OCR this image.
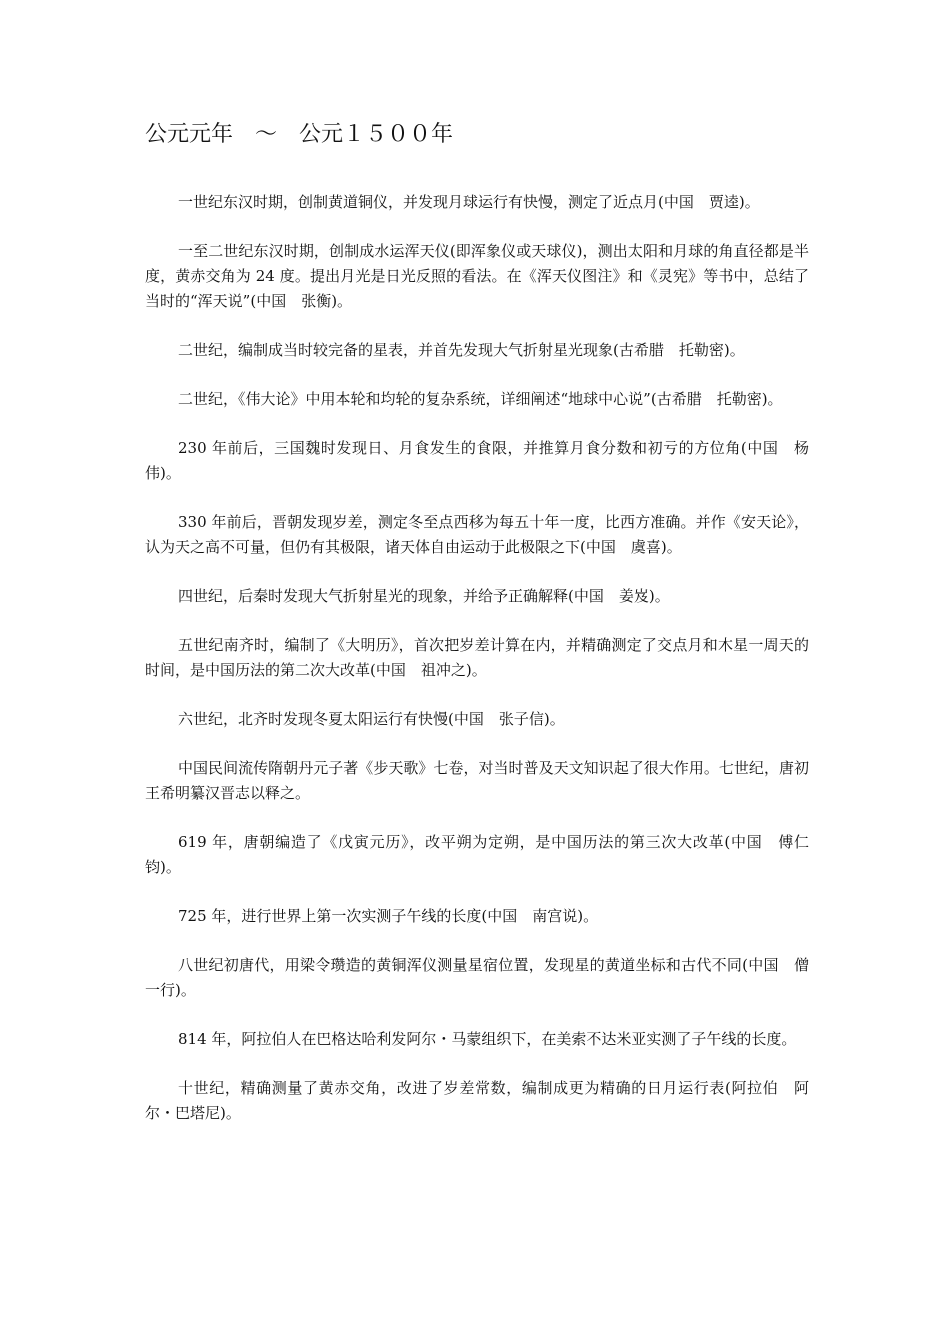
公元元年　～　公元１５００年

一世纪东汉时期，创制黄道铜仪，并发现月球运行有快慢，测定了近点月(中国　贾逵)。

一至二世纪东汉时期，创制成水运浑天仪(即浑象仪或天球仪)，测出太阳和月球的角直径都是半度，黄赤交角为 24 度。提出月光是日光反照的看法。在《浑天仪图注》和《灵宪》等书中，总结了当时的“浑天说”(中国　张衡)。

二世纪，编制成当时较完备的星表，并首先发现大气折射星光现象(古希腊　托勒密)。

二世纪，《伟大论》中用本轮和均轮的复杂系统，详细阐述“地球中心说”(古希腊　托勒密)。

230 年前后，三国魏时发现日、月食发生的食限，并推算月食分数和初亏的方位角(中国　杨伟)。

330 年前后，晋朝发现岁差，测定冬至点西移为每五十年一度，比西方准确。并作《安天论》，认为天之高不可量，但仍有其极限，诸天体自由运动于此极限之下(中国　虞喜)。

四世纪，后秦时发现大气折射星光的现象，并给予正确解释(中国　姜岌)。

五世纪南齐时，编制了《大明历》，首次把岁差计算在内，并精确测定了交点月和木星一周天的时间，是中国历法的第二次大改革(中国　祖冲之)。

六世纪，北齐时发现冬夏太阳运行有快慢(中国　张子信)。

中国民间流传隋朝丹元子著《步天歌》七卷，对当时普及天文知识起了很大作用。七世纪，唐初王希明纂汉晋志以释之。

619 年，唐朝编造了《戊寅元历》，改平朔为定朔，是中国历法的第三次大改革(中国　傅仁钧)。

725 年，进行世界上第一次实测子午线的长度(中国　南宫说)。

八世纪初唐代，用梁令瓒造的黄铜浑仪测量星宿位置，发现星的黄道坐标和古代不同(中国　僧一行)。

814 年，阿拉伯人在巴格达哈利发阿尔・马蒙组织下，在美索不达米亚实测了子午线的长度。

十世纪，精确测量了黄赤交角，改进了岁差常数，编制成更为精确的日月运行表(阿拉伯　阿尔・巴塔尼)。
